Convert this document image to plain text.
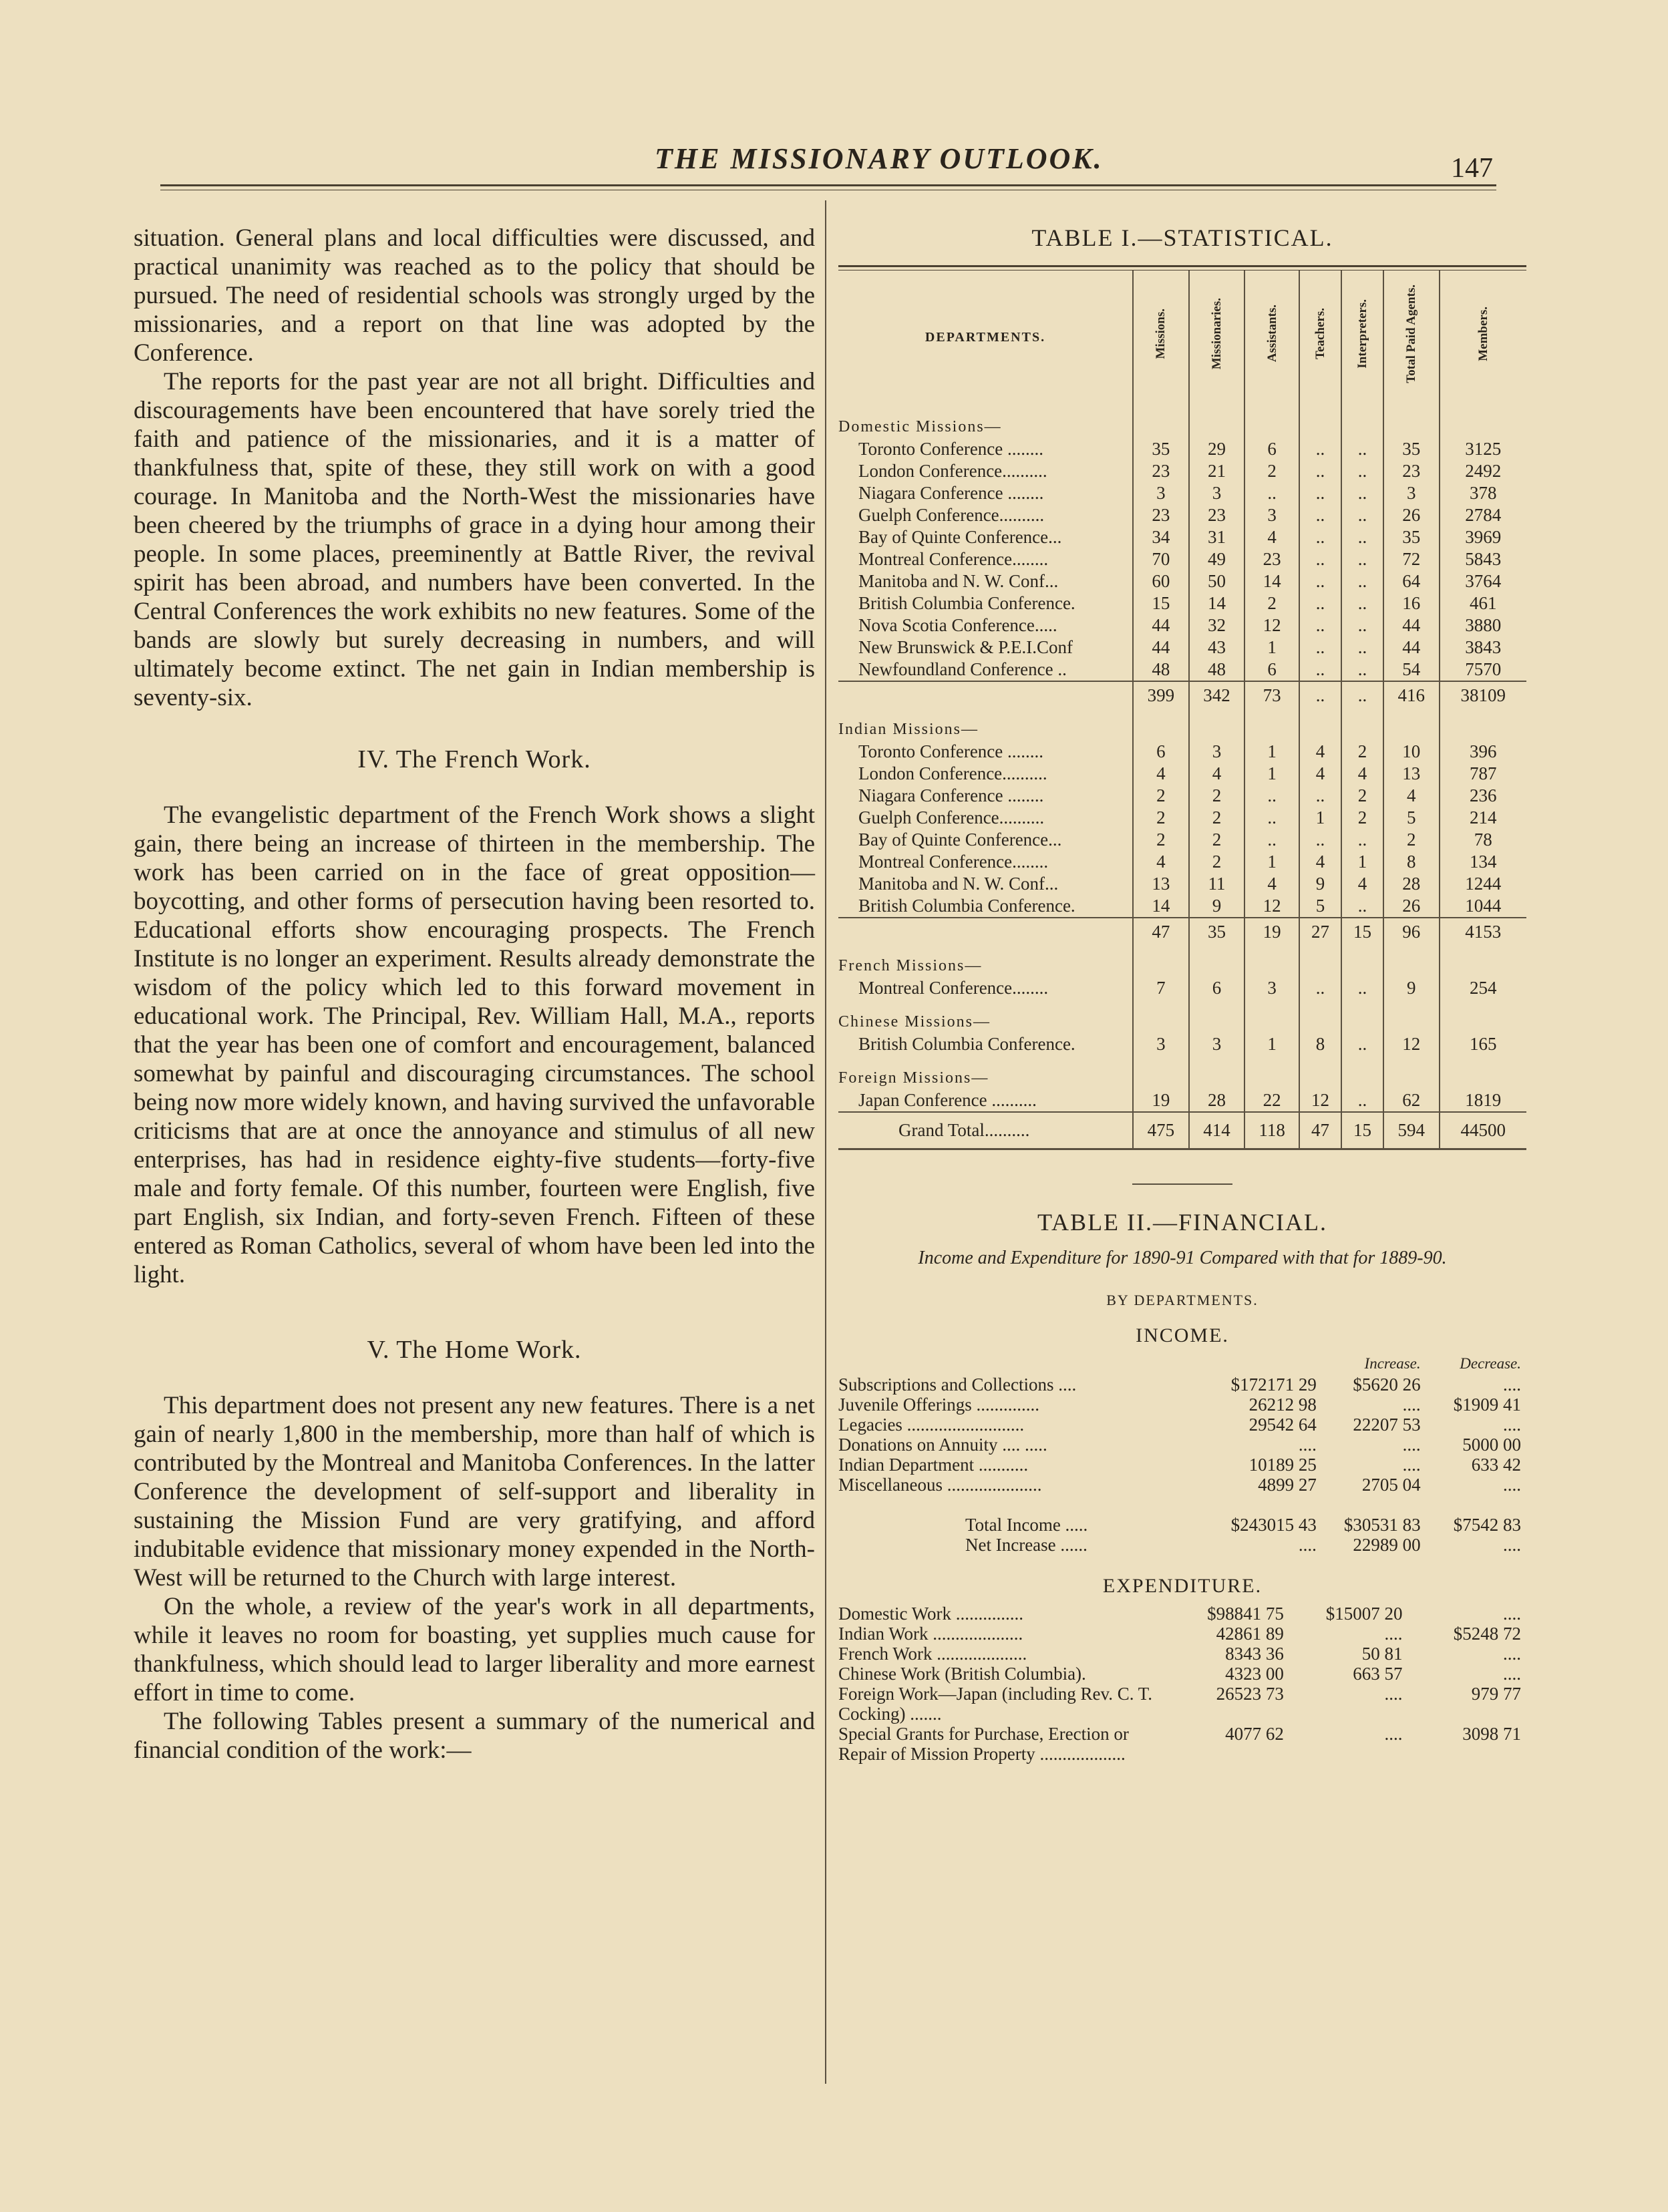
THE MISSIONARY OUTLOOK.	147

situation. General plans and local difficulties were discussed, and practical unanimity was reached as to the policy that should be pursued. The need of residential schools was strongly urged by the missionaries, and a report on that line was adopted by the Conference.

The reports for the past year are not all bright. Difficulties and discouragements have been encountered that have sorely tried the faith and patience of the missionaries, and it is a matter of thankfulness that, spite of these, they still work on with a good courage. In Manitoba and the North-West the missionaries have been cheered by the triumphs of grace in a dying hour among their people. In some places, preeminently at Battle River, the revival spirit has been abroad, and numbers have been converted. In the Central Conferences the work exhibits no new features. Some of the bands are slowly but surely decreasing in numbers, and will ultimately become extinct. The net gain in Indian membership is seventy-six.

IV. The French Work.

The evangelistic department of the French Work shows a slight gain, there being an increase of thirteen in the membership. The work has been carried on in the face of great opposition—boycotting, and other forms of persecution having been resorted to. Educational efforts show encouraging prospects. The French Institute is no longer an experiment. Results already demonstrate the wisdom of the policy which led to this forward movement in educational work. The Principal, Rev. William Hall, M.A., reports that the year has been one of comfort and encouragement, balanced somewhat by painful and discouraging circumstances. The school being now more widely known, and having survived the unfavorable criticisms that are at once the annoyance and stimulus of all new enterprises, has had in residence eighty-five students—forty-five male and forty female. Of this number, fourteen were English, five part English, six Indian, and forty-seven French. Fifteen of these entered as Roman Catholics, several of whom have been led into the light.

V. The Home Work.

This department does not present any new features. There is a net gain of nearly 1,800 in the membership, more than half of which is contributed by the Montreal and Manitoba Conferences. In the latter Conference the development of self-support and liberality in sustaining the Mission Fund are very gratifying, and afford indubitable evidence that missionary money expended in the North-West will be returned to the Church with large interest.

On the whole, a review of the year's work in all departments, while it leaves no room for boasting, yet supplies much cause for thankfulness, which should lead to larger liberality and more earnest effort in time to come.

The following Tables present a summary of the numerical and financial condition of the work:—

TABLE I.—STATISTICAL.
DEPARTMENTS.	Missions.	Missionaries.	Assistants.	Teachers.	Interpreters.	Total Paid Agents.	Members.
Domestic Missions—							
Toronto Conference ........	35	29	6	..	..	35	3125
London Conference..........	23	21	2	..	..	23	2492
Niagara Conference ........	3	3	..	..	..	3	378
Guelph Conference..........	23	23	3	..	..	26	2784
Bay of Quinte Conference...	34	31	4	..	..	35	3969
Montreal Conference........	70	49	23	..	..	72	5843
Manitoba and N. W. Conf...	60	50	14	..	..	64	3764
British Columbia Conference.	15	14	2	..	..	16	461
Nova Scotia Conference.....	44	32	12	..	..	44	3880
New Brunswick & P.E.I.Conf	44	43	1	..	..	44	3843
Newfoundland Conference ..	48	48	6	..	..	54	7570
	399	342	73	..	..	416	38109
Indian Missions—							
Toronto Conference ........	6	3	1	4	2	10	396
London Conference..........	4	4	1	4	4	13	787
Niagara Conference ........	2	2	..	..	2	4	236
Guelph Conference..........	2	2	..	1	2	5	214
Bay of Quinte Conference...	2	2	..	..	..	2	78
Montreal Conference........	4	2	1	4	1	8	134
Manitoba and N. W. Conf...	13	11	4	9	4	28	1244
British Columbia Conference.	14	9	12	5	..	26	1044
	47	35	19	27	15	96	4153
French Missions—							
Montreal Conference........	7	6	3	..	..	9	254
Chinese Missions—							
British Columbia Conference.	3	3	1	8	..	12	165
Foreign Missions—							
Japan Conference ..........	19	28	22	12	..	62	1819
Grand Total..........	475	414	118	47	15	594	44500
TABLE II.—FINANCIAL.
Income and Expenditure for 1890-91 Compared with that for 1889-90.
BY DEPARTMENTS.
INCOME.
		Increase.	Decrease.
Subscriptions and Collections ....	$172171 29	$5620 26	....
Juvenile Offerings ..............	26212 98	....	$1909 41
Legacies ..........................	29542 64	22207 53	....
Donations on Annuity .... .....	....	....	5000 00
Indian Department ...........	10189 25	....	633 42
Miscellaneous .....................	4899 27	2705 04	....
Total Income .....	$243015 43	$30531 83	$7542 83
Net Increase ......	....	22989 00	....
EXPENDITURE.
Domestic Work ...............	$98841 75	$15007 20	....
Indian Work ....................	42861 89	....	$5248 72
French Work ....................	8343 36	50 81	....
Chinese Work (British Columbia).	4323 00	663 57	....
Foreign Work—Japan (including Rev. C. T. Cocking) .......	26523 73	....	979 77
Special Grants for Purchase, Erection or Repair of Mission Property ...................	4077 62	....	3098 71
